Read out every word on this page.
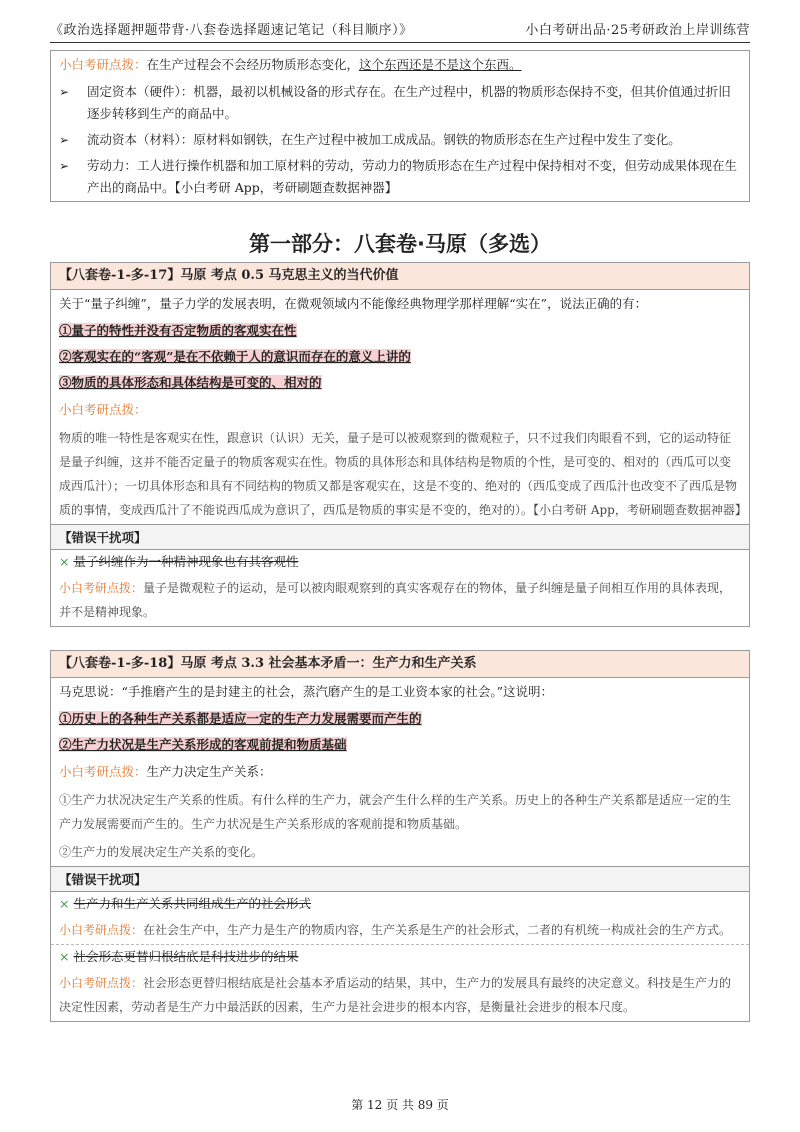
《政治选择题押题带背·八套卷选择题速记笔记（科目顺序）》	小白考研出品·25考研政治上岸训练营
小白考研点拨：在生产过程会不会经历物质形态变化，这个东西还是不是这个东西。
➢	固定资本（硬件）：机器，最初以机械设备的形式存在。在生产过程中，机器的物质形态保持不变，但其价值通过折旧逐步转移到生产的商品中。
➢	流动资本（材料）：原材料如钢铁，在生产过程中被加工成成品。钢铁的物质形态在生产过程中发生了变化。
➢	劳动力：工人进行操作机器和加工原材料的劳动，劳动力的物质形态在生产过程中保持相对不变，但劳动成果体现在生产出的商品中。【小白考研 App，考研刷题查数据神器】
第一部分：八套卷·马原（多选）
【八套卷-1-多-17】马原 考点 0.5 马克思主义的当代价值
关于“量子纠缠”，量子力学的发展表明，在微观领域内不能像经典物理学那样理解“实在”，说法正确的有：
①量子的特性并没有否定物质的客观实在性
②客观实在的“客观”是在不依赖于人的意识而存在的意义上讲的
③物质的具体形态和具体结构是可变的、相对的
小白考研点拨：
物质的唯一特性是客观实在性，跟意识（认识）无关，量子是可以被观察到的微观粒子，只不过我们肉眼看不到，它的运动特征是量子纠缠，这并不能否定量子的物质客观实在性。物质的具体形态和具体结构是物质的个性，是可变的、相对的（西瓜可以变成西瓜汁）；一切具体形态和具有不同结构的物质又都是客观实在，这是不变的、绝对的（西瓜变成了西瓜汁也改变不了西瓜是物质的事情，变成西瓜汁了不能说西瓜成为意识了，西瓜是物质的事实是不变的，绝对的）。【小白考研 App，考研刷题查数据神器】
【错误干扰项】
× 量子纠缠作为一种精神现象也有其客观性
小白考研点拨：量子是微观粒子的运动，是可以被肉眼观察到的真实客观存在的物体，量子纠缠是量子间相互作用的具体表现，并不是精神现象。
【八套卷-1-多-18】马原 考点 3.3 社会基本矛盾一：生产力和生产关系
马克思说：“手推磨产生的是封建主的社会，蒸汽磨产生的是工业资本家的社会。”这说明：
①历史上的各种生产关系都是适应一定的生产力发展需要而产生的
②生产力状况是生产关系形成的客观前提和物质基础
小白考研点拨：生产力决定生产关系：
①生产力状况决定生产关系的性质。有什么样的生产力，就会产生什么样的生产关系。历史上的各种生产关系都是适应一定的生产力发展需要而产生的。生产力状况是生产关系形成的客观前提和物质基础。
②生产力的发展决定生产关系的变化。
【错误干扰项】
× 生产力和生产关系共同组成生产的社会形式
小白考研点拨：在社会生产中，生产力是生产的物质内容，生产关系是生产的社会形式，二者的有机统一构成社会的生产方式。
× 社会形态更替归根结底是科技进步的结果
小白考研点拨：社会形态更替归根结底是社会基本矛盾运动的结果，其中，生产力的发展具有最终的决定意义。科技是生产力的决定性因素，劳动者是生产力中最活跃的因素，生产力是社会进步的根本内容，是衡量社会进步的根本尺度。
第 12 页 共 89 页
